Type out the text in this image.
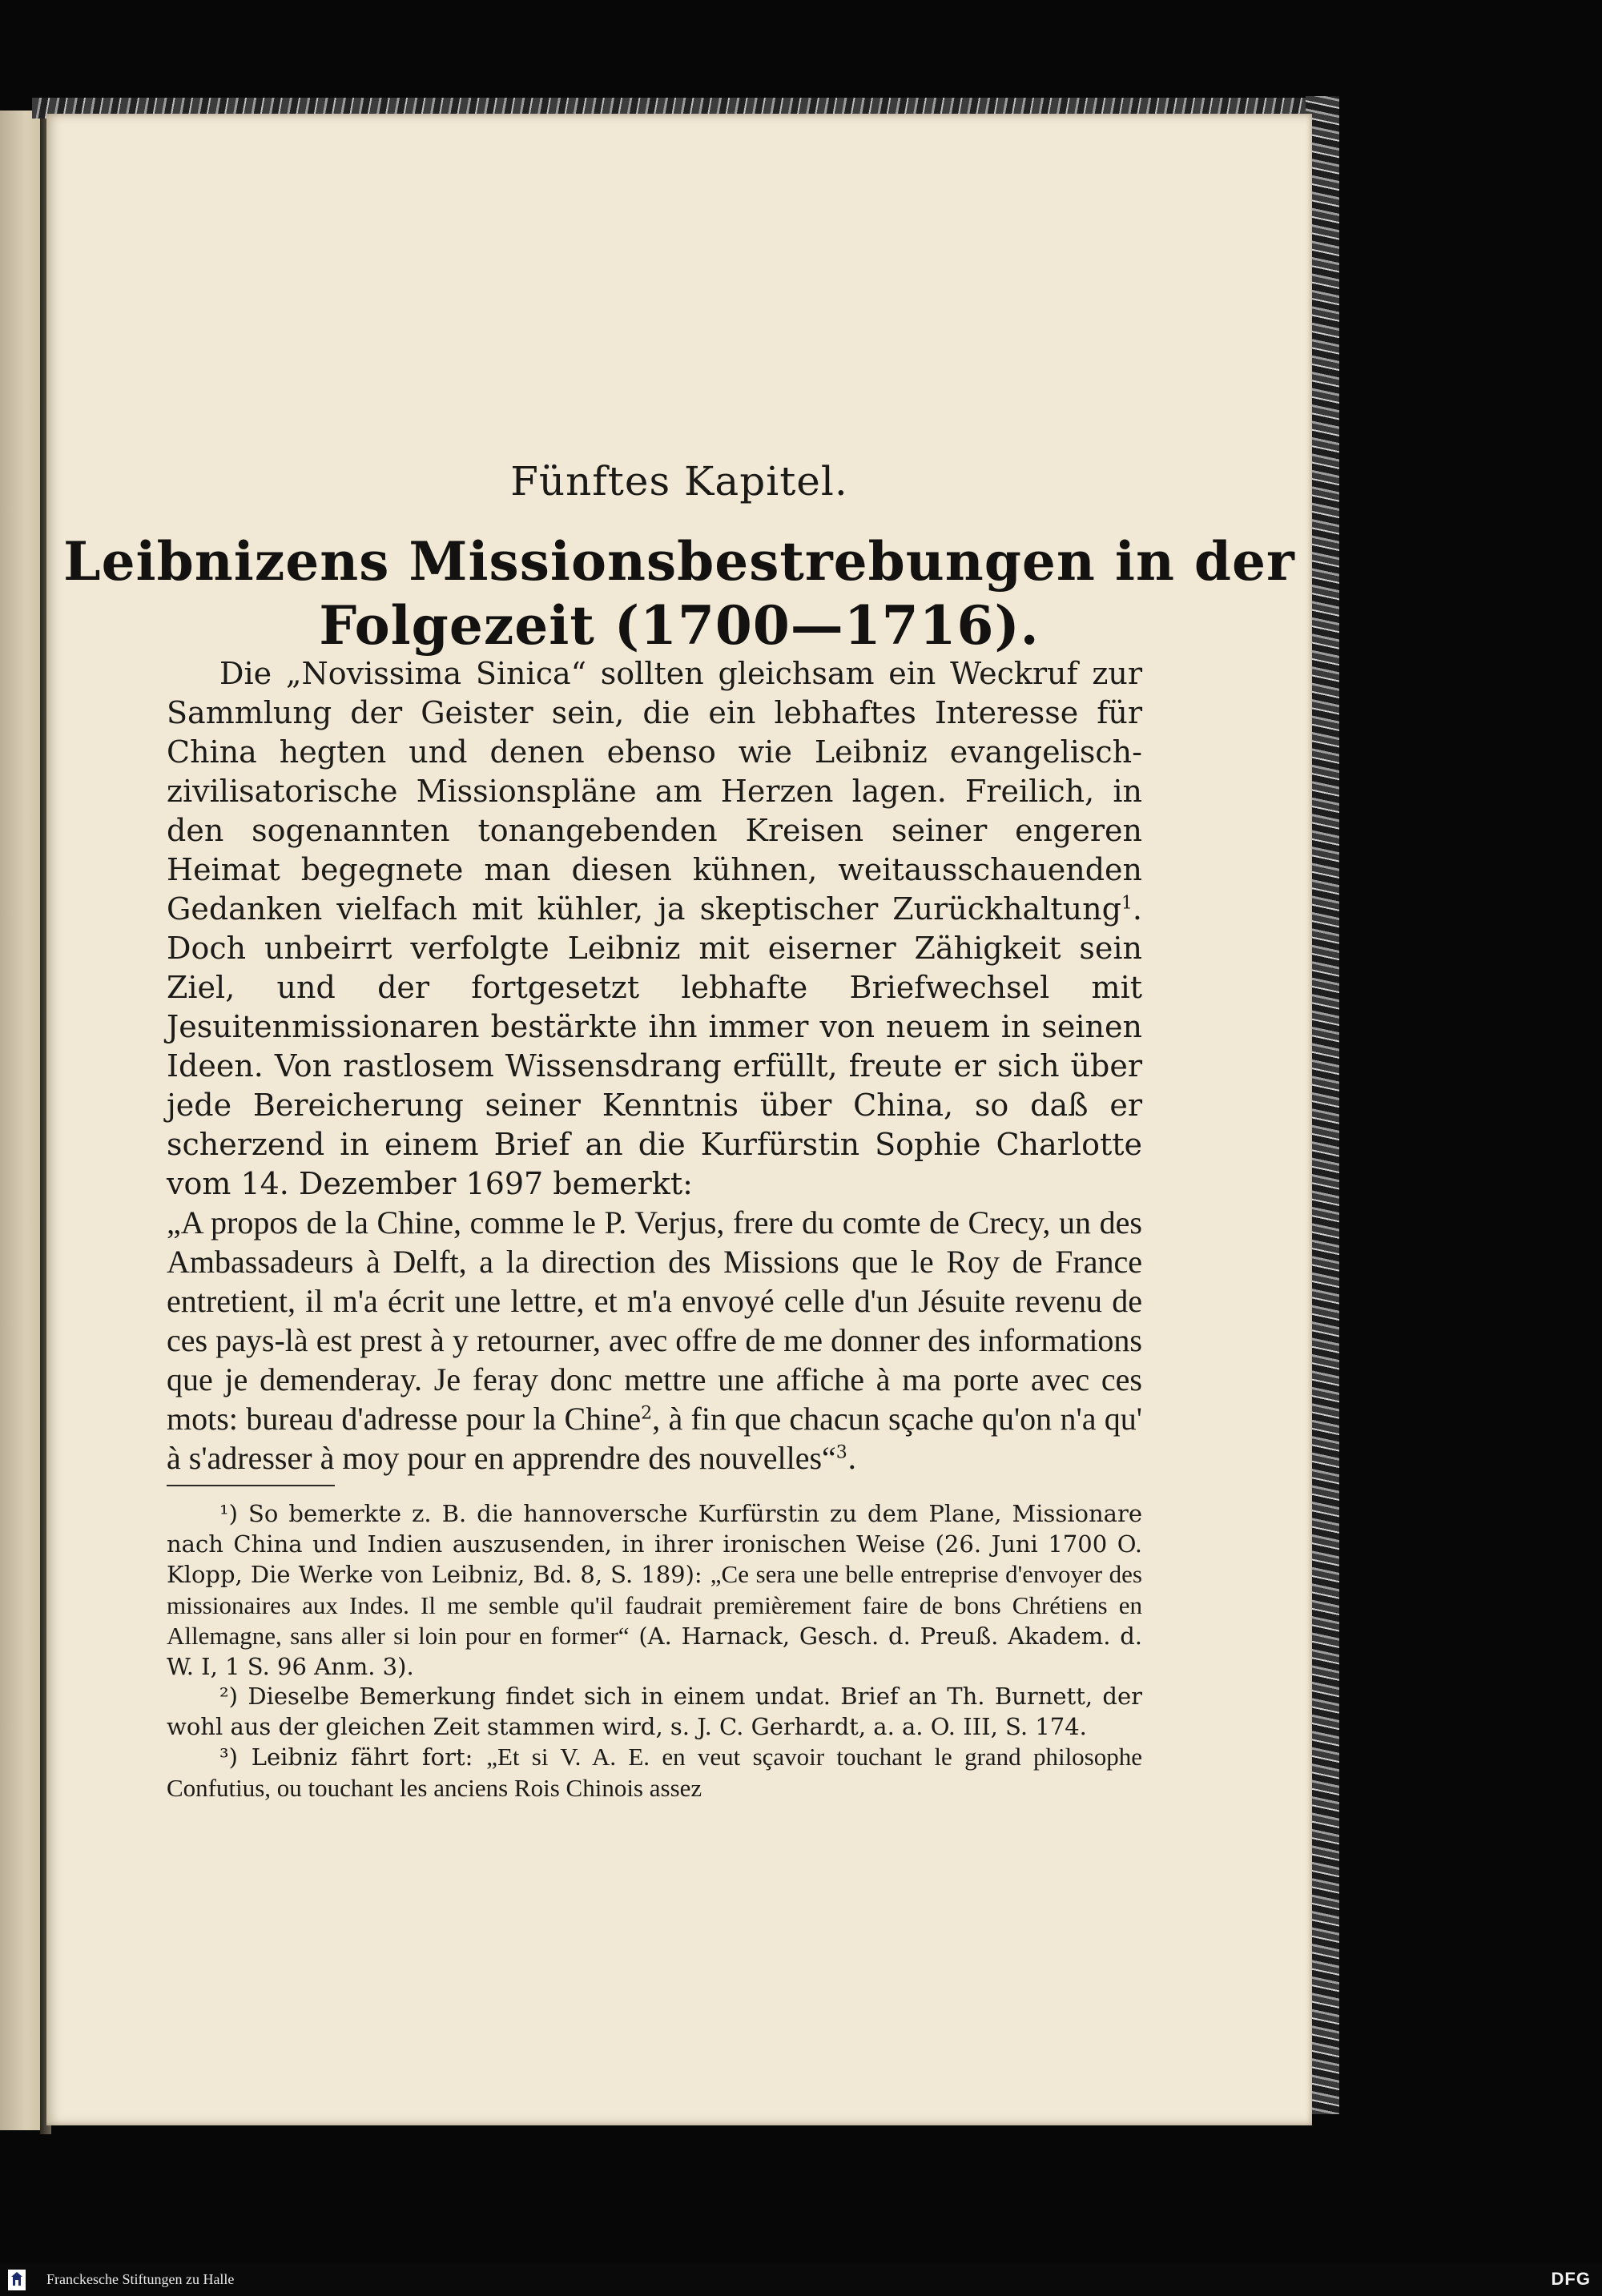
Fünftes Kapitel.
Leibnizens Missionsbestrebungen in der
Folgezeit (1700—1716).

Die „Novissima Sinica“ sollten gleichsam ein Weckruf zur Sammlung der Geister sein, die ein lebhaftes Interesse für China hegten und denen ebenso wie Leibniz evangelisch-zivilisatorische Missionspläne am Herzen lagen. Freilich, in den sogenannten tonangebenden Kreisen seiner engeren Heimat begegnete man diesen kühnen, weitausschauenden Gedanken vielfach mit kühler, ja skeptischer Zurückhaltung$^1$. Doch unbeirrt verfolgte Leibniz mit eiserner Zähigkeit sein Ziel, und der fortgesetzt lebhafte Briefwechsel mit Jesuitenmissionaren bestärkte ihn immer von neuem in seinen Ideen. Von rastlosem Wissensdrang erfüllt, freute er sich über jede Bereicherung seiner Kenntnis über China, so daß er scherzend in einem Brief an die Kurfürstin Sophie Charlotte vom 14. Dezember 1697 bemerkt:
„A propos de la Chine, comme le P. Verjus, frere du comte de Crecy, un des Ambassadeurs à Delft, a la direction des Missions que le Roy de France entretient, il m'a écrit une lettre, et m'a envoyé celle d'un Jésuite revenu de ces pays-là est prest à y retourner, avec offre de me donner des informations que je demenderay. Je feray donc mettre une affiche à ma porte avec ces mots: bureau d'adresse pour la Chine$^2$, à fin que chacun sçache qu'on n'a qu' à s'adresser à moy pour en apprendre des nouvelles“$^3$.

¹) So bemerkte z. B. die hannoversche Kurfürstin zu dem Plane, Missionare nach China und Indien auszusenden, in ihrer ironischen Weise (26. Juni 1700 O. Klopp, Die Werke von Leibniz, Bd. 8, S. 189): „Ce sera une belle entreprise d'envoyer des missionaires aux Indes. Il me semble qu'il faudrait premièrement faire de bons Chrétiens en Allemagne, sans aller si loin pour en former“ (A. Harnack, Gesch. d. Preuß. Akadem. d. W. I, 1 S. 96 Anm. 3).

²) Dieselbe Bemerkung findet sich in einem undat. Brief an Th. Burnett, der wohl aus der gleichen Zeit stammen wird, s. J. C. Gerhardt, a. a. O. III, S. 174.

³) Leibniz fährt fort: „Et si V. A. E. en veut sçavoir touchant le grand philosophe Confutius, ou touchant les anciens Rois Chinois assez

Franckesche Stiftungen zu Halle	DFG
